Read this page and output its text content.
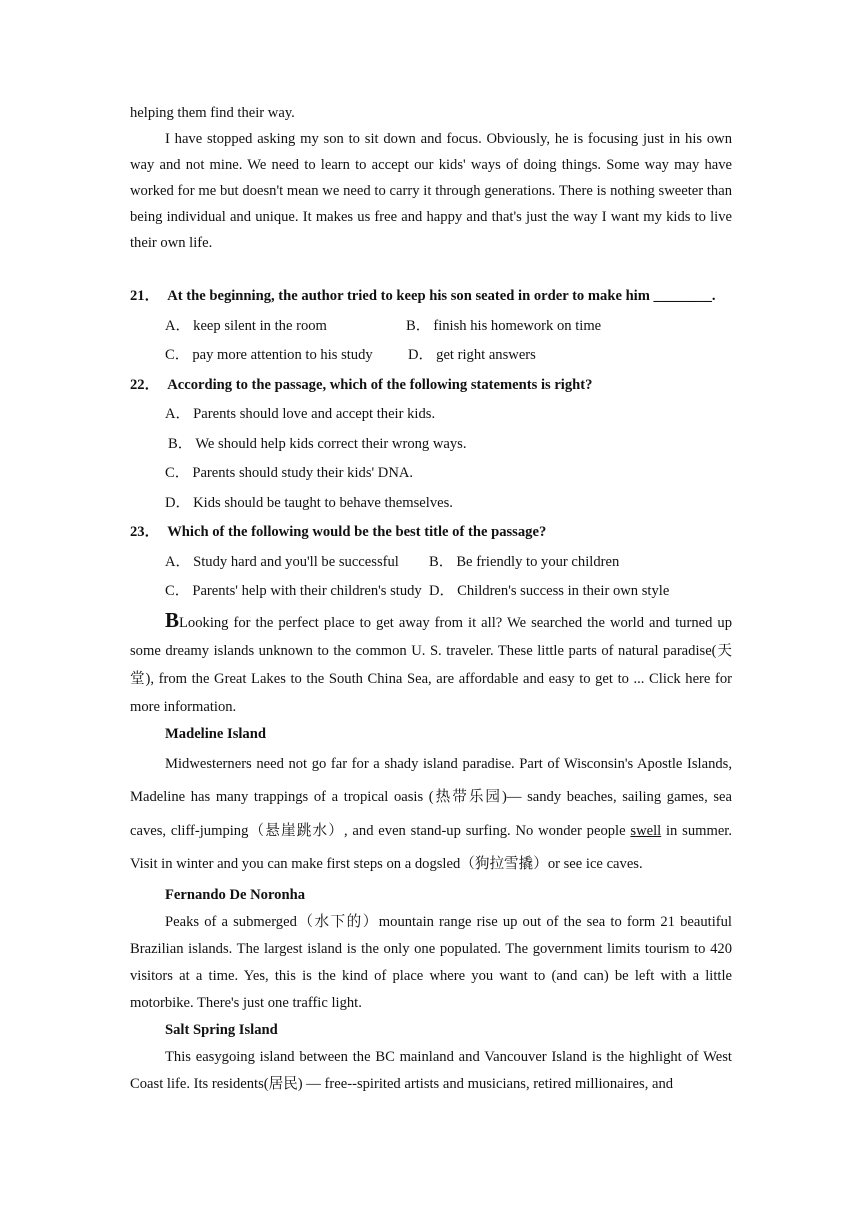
helping them find their way.

I have stopped asking my son to sit down and focus. Obviously, he is focusing just in his own way and not mine. We need to learn to accept our kids' ways of doing things. Some way may have worked for me but doesn't mean we need to carry it through generations. There is nothing sweeter than being individual and unique. It makes us free and happy and that's just the way I want my kids to live their own life.

21． At the beginning, the author tried to keep his son seated in order to make him ________.
A． keep silent in the room	B． finish his homework on time
C． pay more attention to his study	D． get right answers
22． According to the passage, which of the following statements is right?
A． Parents should love and accept their kids.
B． We should help kids correct their wrong ways.
C． Parents should study their kids' DNA.
D． Kids should be taught to behave themselves.
23． Which of the following would be the best title of the passage?
A． Study hard and you'll be successful	B． Be friendly to your children
C． Parents' help with their children's study D． Children's success in their own style

BLooking for the perfect place to get away from it all? We searched the world and turned up some dreamy islands unknown to the common U. S. traveler. These little parts of natural paradise(天堂), from the Great Lakes to the South China Sea, are affordable and easy to get to ... Click here for more information.

Madeline Island

Midwesterners need not go far for a shady island paradise. Part of Wisconsin's Apostle Islands, Madeline has many trappings of a tropical oasis (热带乐园)— sandy beaches, sailing games, sea caves, cliff-jumping（悬崖跳水）, and even stand-up surfing. No wonder people swell in summer. Visit in winter and you can make first steps on a dogsled（狗拉雪撬）or see ice caves.

Fernando De Noronha

Peaks of a submerged（水下的）mountain range rise up out of the sea to form 21 beautiful Brazilian islands. The largest island is the only one populated. The government limits tourism to 420 visitors at a time. Yes, this is the kind of place where you want to (and can) be left with a little motorbike. There's just one traffic light.

Salt Spring Island

This easygoing island between the BC mainland and Vancouver Island is the highlight of West Coast life. Its residents(居民) — free--spirited artists and musicians, retired millionaires, and
